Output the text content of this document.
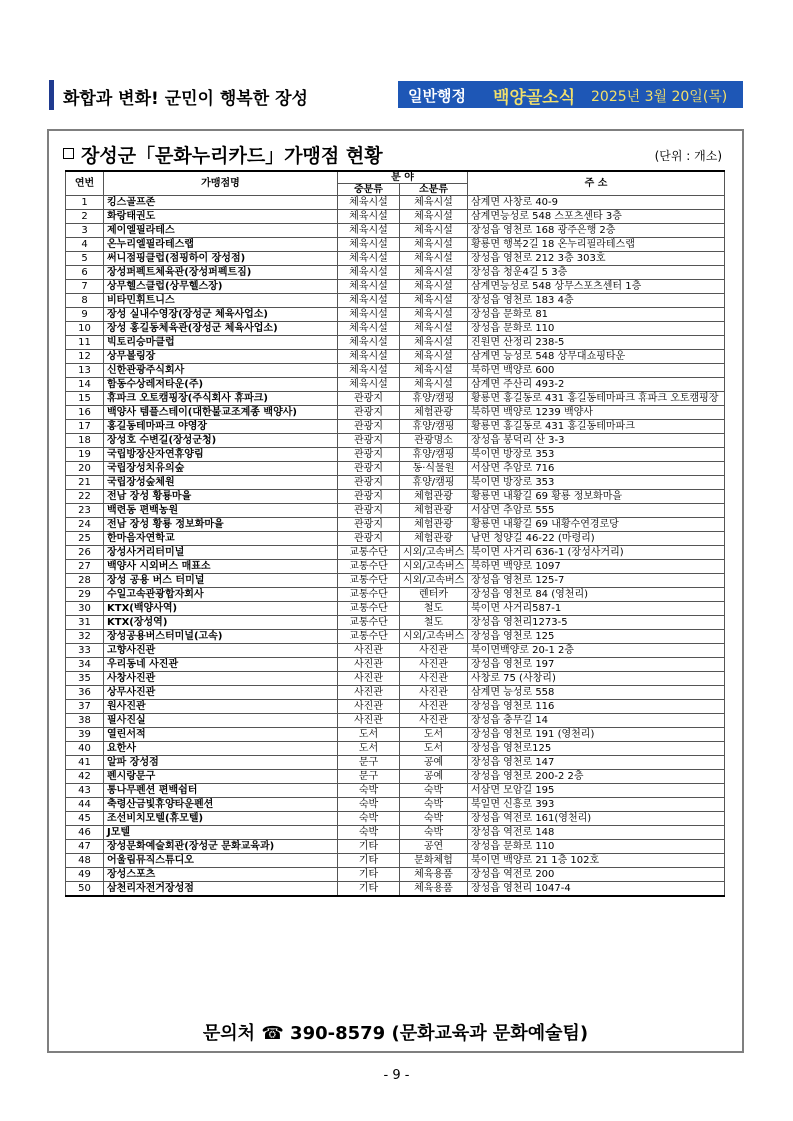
화합과 변화! 군민이 행복한 장성	일반행정 백양골소식 2025년 3월 20일(목)
장성군「문화누리카드」가맹점 현황	(단위 : 개소)
연번	가맹점명	분 야		주 소
		중분류	소분류	
1	킹스골프존	체육시설	체육시설	삼계면 사창로 40-9
2	화랑태권도	체육시설	체육시설	삼계면능성로 548 스포츠센타 3층
3	제이엘필라테스	체육시설	체육시설	장성읍 영천로 168 광주은행 2층
4	온누리엘필라테스랩	체육시설	체육시설	황룡면 행복2길 18 온누리필라테스랩
5	써니점핑클럽(점핑하이 장성점)	체육시설	체육시설	장성읍 영천로 212 3층 303호
6	장성퍼펙트체육관(장성퍼펙트짐)	체육시설	체육시설	장성읍 청운4길 5 3층
7	상무헬스클럽(상무헬스장)	체육시설	체육시설	삼계면능성로 548 상무스포츠센터 1층
8	비타민휘트니스	체육시설	체육시설	장성읍 영천로 183 4층
9	장성 실내수영장(장성군 체육사업소)	체육시설	체육시설	장성읍 문화로 81
10	장성 홍길동체육관(장성군 체육사업소)	체육시설	체육시설	장성읍 문화로 110
11	빅토리승마클럽	체육시설	체육시설	진원면 산정리 238-5
12	상무볼링장	체육시설	체육시설	삼계면 능성로 548 상무대쇼핑타운
13	신한관광주식회사	체육시설	체육시설	북하면 백양로 600
14	함동수상레저타운(주)	체육시설	체육시설	삼계면 주산리 493-2
15	휴파크 오토캠핑장(주식회사 휴파크)	관광지	휴양/캠핑	황룡면 홍길동로 431 홍길동테마파크 휴파크 오토캠핑장
16	백양사 템플스테이(대한불교조계종 백양사)	관광지	체험관광	북하면 백양로 1239 백양사
17	홍길동테마파크 야영장	관광지	휴양/캠핑	황룡면 홍길동로 431 홍길동테마파크
18	장성호 수변길(장성군청)	관광지	관광명소	장성읍 봉덕리 산 3-3
19	국립방장산자연휴양림	관광지	휴양/캠핑	북이면 방장로 353
20	국립장성치유의숲	관광지	동·식물원	서삼면 추암로 716
21	국립장성숲체원	관광지	휴양/캠핑	북이면 방장로 353
22	전남 장성 황룡마을	관광지	체험관광	황룡면 내황길 69 황룡 정보화마을
23	백련동 편백농원	관광지	체험관광	서삼면 추암로 555
24	전남 장성 황룡 정보화마을	관광지	체험관광	황룡면 내황길 69 내황수연경로당
25	한마음자연학교	관광지	체험관광	남면 청양길 46-22 (마령리)
26	장성사거리터미널	교통수단	시외/고속버스	북이면 사거리 636-1 (장성사거리)
27	백양사 시외버스 매표소	교통수단	시외/고속버스	북하면 백양로 1097
28	장성 공용 버스 터미널	교통수단	시외/고속버스	장성읍 영천로 125-7
29	수일고속관광합자회사	교통수단	렌터카	장성읍 영천로 84 (영천리)
30	KTX(백양사역)	교통수단	철도	북이면 사거리587-1
31	KTX(장성역)	교통수단	철도	장성읍 영천리1273-5
32	장성공용버스터미널(고속)	교통수단	시외/고속버스	장성읍 영천로 125
33	고향사진관	사진관	사진관	북이면백양로 20-1 2층
34	우리동네 사진관	사진관	사진관	장성읍 영천로 197
35	사창사진관	사진관	사진관	사창로 75 (사창리)
36	상무사진관	사진관	사진관	삼계면 능성로 558
37	원사진관	사진관	사진관	장성읍 영천로 116
38	필사진실	사진관	사진관	장성읍 충무길 14
39	열린서적	도서	도서	장성읍 영천로 191 (영천리)
40	요한사	도서	도서	장성읍 영천로125
41	알파 장성점	문구	공예	장성읍 영천로 147
42	펜시랑문구	문구	공예	장성읍 영천로 200-2 2층
43	통나무펜션 편백쉼터	숙박	숙박	서삼면 모암길 195
44	축령산금빛휴양타운펜션	숙박	숙박	북일면 신흥로 393
45	조선비치모텔(휴모텔)	숙박	숙박	장성읍 역전로 161(영천리)
46	J모텔	숙박	숙박	장성읍 역전로 148
47	장성문화예술회관(장성군 문화교육과)	기타	공연	장성읍 문화로 110
48	어울림뮤직스튜디오	기타	문화체험	북이면 백양로 21 1층 102호
49	장성스포츠	기타	체육용품	장성읍 역전로 200
50	삼천리자전거장성점	기타	체육용품	장성읍 영천리 1047-4
문의처 ☎ 390-8579 (문화교육과 문화예술팀)
- 9 -
